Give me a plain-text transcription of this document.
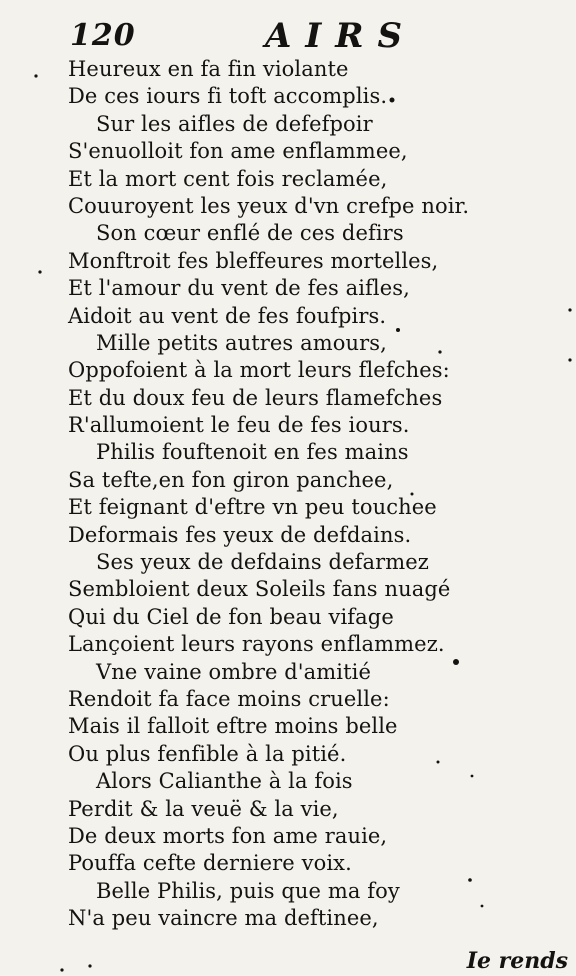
120	AIRS
Heureux en fa fin violante
De ces iours fi toft accomplis.
Sur les aifles de defefpoir
S'enuolloit fon ame enflammee,
Et la mort cent fois reclamée,
Couuroyent les yeux d'vn crefpe noir.
Son cœur enflé de ces defirs
Monftroit fes bleffeures mortelles,
Et l'amour du vent de fes aifles,
Aidoit au vent de fes foufpirs.
Mille petits autres amours,
Oppofoient à la mort leurs flefches:
Et du doux feu de leurs flamefches
R'allumoient le feu de fes iours.
Philis fouftenoit en fes mains
Sa tefte,en fon giron panchee,
Et feignant d'eftre vn peu touchee
Deformais fes yeux de defdains.
Ses yeux de defdains defarmez
Sembloient deux Soleils fans nuagé
Qui du Ciel de fon beau vifage
Lançoient leurs rayons enflammez.
Vne vaine ombre d'amitié
Rendoit fa face moins cruelle:
Mais il falloit eftre moins belle
Ou plus fenfible à la pitié.
Alors Calianthe à la fois
Perdit & la veuë & la vie,
De deux morts fon ame rauie,
Pouffa cefte derniere voix.
Belle Philis, puis que ma foy
N'a peu vaincre ma deftinee,
Ie rends
